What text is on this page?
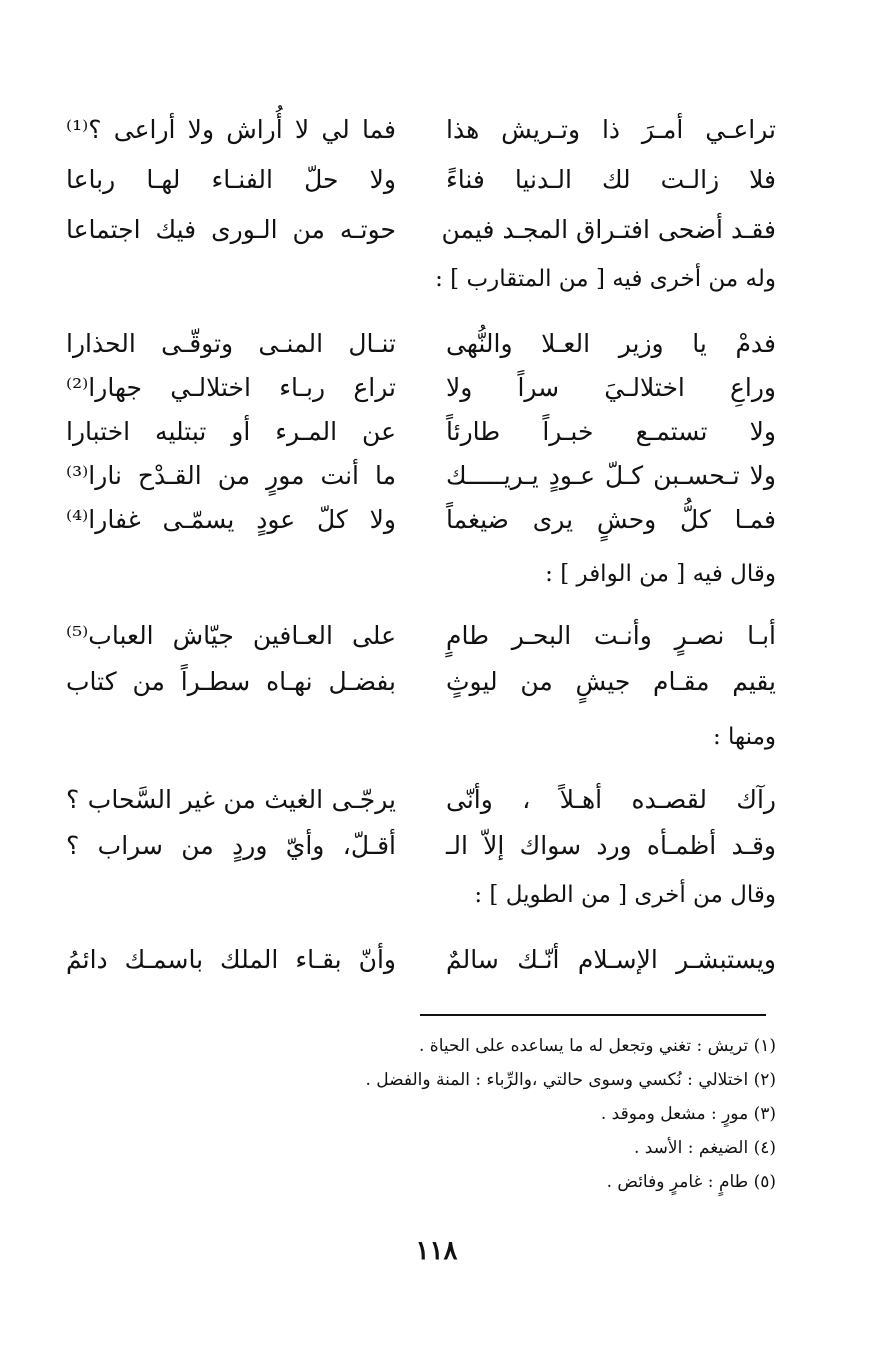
تراعـي أمـرَ ذا وتـريش هذا
فما لي لا أُراش ولا أراعى ؟⁽¹⁾
فلا زالـت لك الـدنيا فناءً
ولا حلّ الفنـاء لهـا رباعا
فقـد أضحى افتـراق المجـد فيمن
حوتـه من الـورى فيك اجتماعا
وله من أخرى فيه [ من المتقارب ] :
فدمْ يا وزير العـلا والنُّهى
تنـال المنـى وتوقّـى الحذارا
وراعِ اختلالـيَ سراً ولا
تراع ربـاء اختلالـي جهارا⁽²⁾
ولا تستمـع خبـراً طارئاً
عن المـرء أو تبتليه اختبارا
ولا تـحسـبن كـلّ عـودٍ يـريـــــك
ما أنت مورٍ من القـدْح نارا⁽³⁾
فمـا كلُّ وحشٍ يرى ضيغماً
ولا كلّ عودٍ يسمّـى غفارا⁽⁴⁾
وقال فيه [ من الوافر ] :
أبـا نصـرٍ وأنـت البحـر طامٍ
على العـافين جيّاش العباب⁽⁵⁾
يقيم مقـام جيشٍ من ليوثٍ
بفضـل نهـاه سطـراً من كتاب
ومنها :
رآك لقصـده أهـلاً ، وأنّى
يرجّـى الغيث من غير السَّحاب ؟
وقـد أظمـأه ورد سواك إلاّ الـ
أقـلّ، وأيّ وردٍ من سراب ؟
وقال من أخرى [ من الطويل ] :
ويستبشـر الإسـلام أنّـك سالمٌ
وأنّ بقـاء الملك باسمـك دائمُ
(١) تريش : تغني وتجعل له ما يساعده على الحياة .
(٢) اختلالي : نُكسي وسوى حالتي ،والرِّباء : المنة والفضل .
(٣) مورٍ : مشعل وموقد .
(٤) الضيغم : الأسد .
(٥) طامٍ : غامرٍ وفائض .
١١٨
